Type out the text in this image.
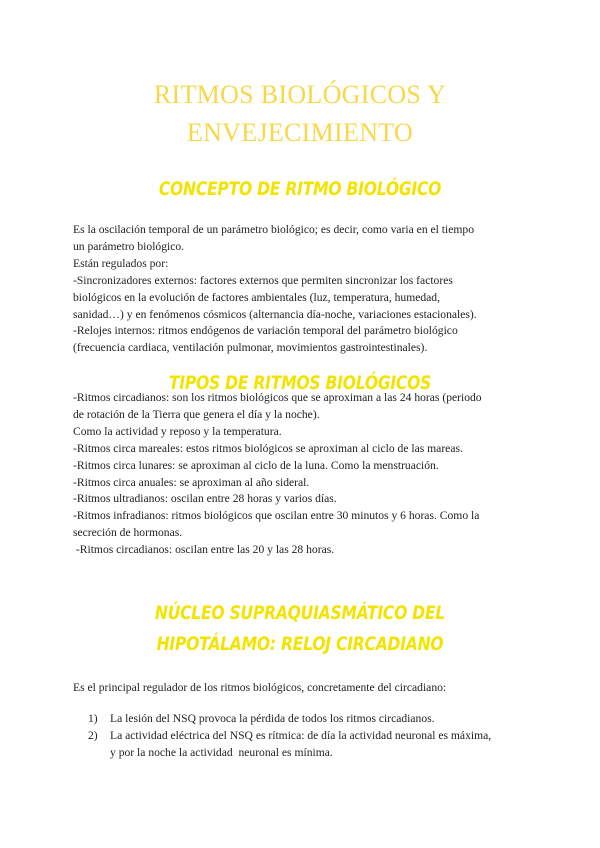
RITMOS BIOLÓGICOS Y
ENVEJECIMIENTO
CONCEPTO DE RITMO BIOLÓGICO
Es la oscilación temporal de un parámetro biológico; es decir, como varia en el tiempo
un parámetro biológico.
Están regulados por:
-Sincronizadores externos: factores externos que permiten sincronizar los factores
biológicos en la evolución de factores ambientales (luz, temperatura, humedad,
sanidad…) y en fenómenos cósmicos (alternancia día-noche, variaciones estacionales).
-Relojes internos: ritmos endógenos de variación temporal del parámetro biológico
(frecuencia cardiaca, ventilación pulmonar, movimientos gastrointestinales).
TIPOS DE RITMOS BIOLÓGICOS
-Ritmos circadianos: son los ritmos biológicos que se aproximan a las 24 horas (periodo
de rotación de la Tierra que genera el día y la noche).
Como la actividad y reposo y la temperatura.
-Ritmos circa mareales: estos ritmos biológicos se aproximan al ciclo de las mareas.
-Ritmos circa lunares: se aproximan al ciclo de la luna. Como la menstruación.
-Ritmos circa anuales: se aproximan al año sideral.
-Ritmos ultradianos: oscilan entre 28 horas y varios días.
-Ritmos infradianos: ritmos biológicos que oscilan entre 30 minutos y 6 horas. Como la
secreción de hormonas.
-Ritmos circadianos: oscilan entre las 20 y las 28 horas.
NÚCLEO SUPRAQUIASMÁTICO DEL
HIPOTÁLAMO: RELOJ CIRCADIANO
Es el principal regulador de los ritmos biológicos, concretamente del circadiano:
1) La lesión del NSQ provoca la pérdida de todos los ritmos circadianos.
2) La actividad eléctrica del NSQ es rítmica: de día la actividad neuronal es máxima,
y por la noche la actividad  neuronal es mínima.
